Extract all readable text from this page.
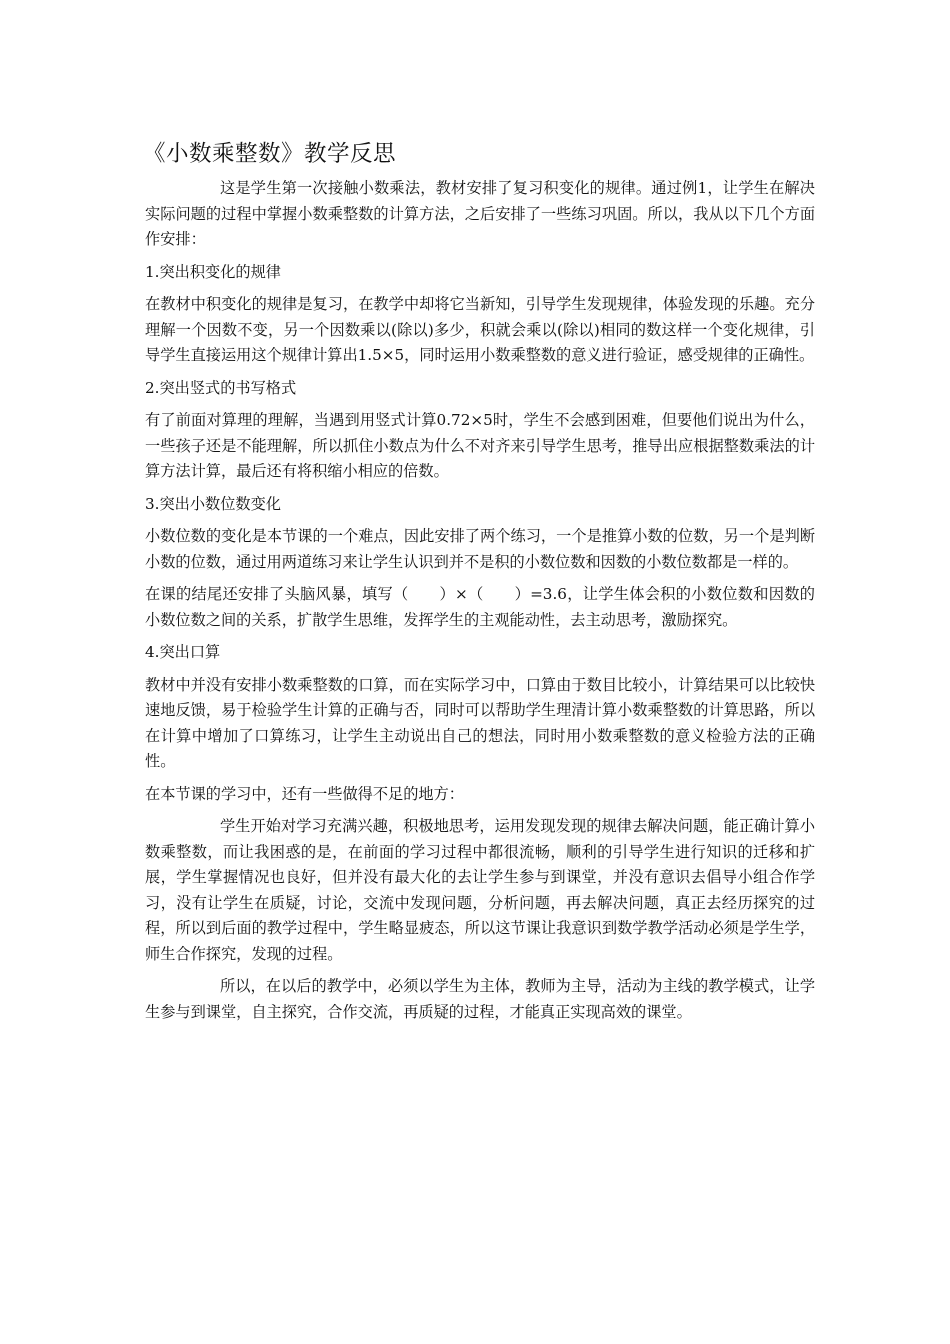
《小数乘整数》教学反思

这是学生第一次接触小数乘法，教材安排了复习积变化的规律。通过例1，让学生在解决实际问题的过程中掌握小数乘整数的计算方法，之后安排了一些练习巩固。所以，我从以下几个方面作安排：

1.突出积变化的规律

在教材中积变化的规律是复习，在教学中却将它当新知，引导学生发现规律，体验发现的乐趣。充分理解一个因数不变，另一个因数乘以(除以)多少，积就会乘以(除以)相同的数这样一个变化规律，引导学生直接运用这个规律计算出1.5×5，同时运用小数乘整数的意义进行验证，感受规律的正确性。

2.突出竖式的书写格式

有了前面对算理的理解，当遇到用竖式计算0.72×5时，学生不会感到困难，但要他们说出为什么，一些孩子还是不能理解，所以抓住小数点为什么不对齐来引导学生思考，推导出应根据整数乘法的计算方法计算，最后还有将积缩小相应的倍数。

3.突出小数位数变化

小数位数的变化是本节课的一个难点，因此安排了两个练习，一个是推算小数的位数，另一个是判断小数的位数，通过用两道练习来让学生认识到并不是积的小数位数和因数的小数位数都是一样的。

在课的结尾还安排了头脑风暴，填写（　　）×（　　）=3.6，让学生体会积的小数位数和因数的小数位数之间的关系，扩散学生思维，发挥学生的主观能动性，去主动思考，激励探究。

4.突出口算

教材中并没有安排小数乘整数的口算，而在实际学习中，口算由于数目比较小，计算结果可以比较快速地反馈，易于检验学生计算的正确与否，同时可以帮助学生理清计算小数乘整数的计算思路，所以在计算中增加了口算练习，让学生主动说出自己的想法，同时用小数乘整数的意义检验方法的正确性。

在本节课的学习中，还有一些做得不足的地方：

学生开始对学习充满兴趣，积极地思考，运用发现发现的规律去解决问题，能正确计算小数乘整数，而让我困惑的是，在前面的学习过程中都很流畅，顺利的引导学生进行知识的迁移和扩展，学生掌握情况也良好，但并没有最大化的去让学生参与到课堂，并没有意识去倡导小组合作学习，没有让学生在质疑，讨论，交流中发现问题，分析问题，再去解决问题，真正去经历探究的过程，所以到后面的教学过程中，学生略显疲态，所以这节课让我意识到数学教学活动必须是学生学，师生合作探究，发现的过程。

所以，在以后的教学中，必须以学生为主体，教师为主导，活动为主线的教学模式，让学生参与到课堂，自主探究，合作交流，再质疑的过程，才能真正实现高效的课堂。
